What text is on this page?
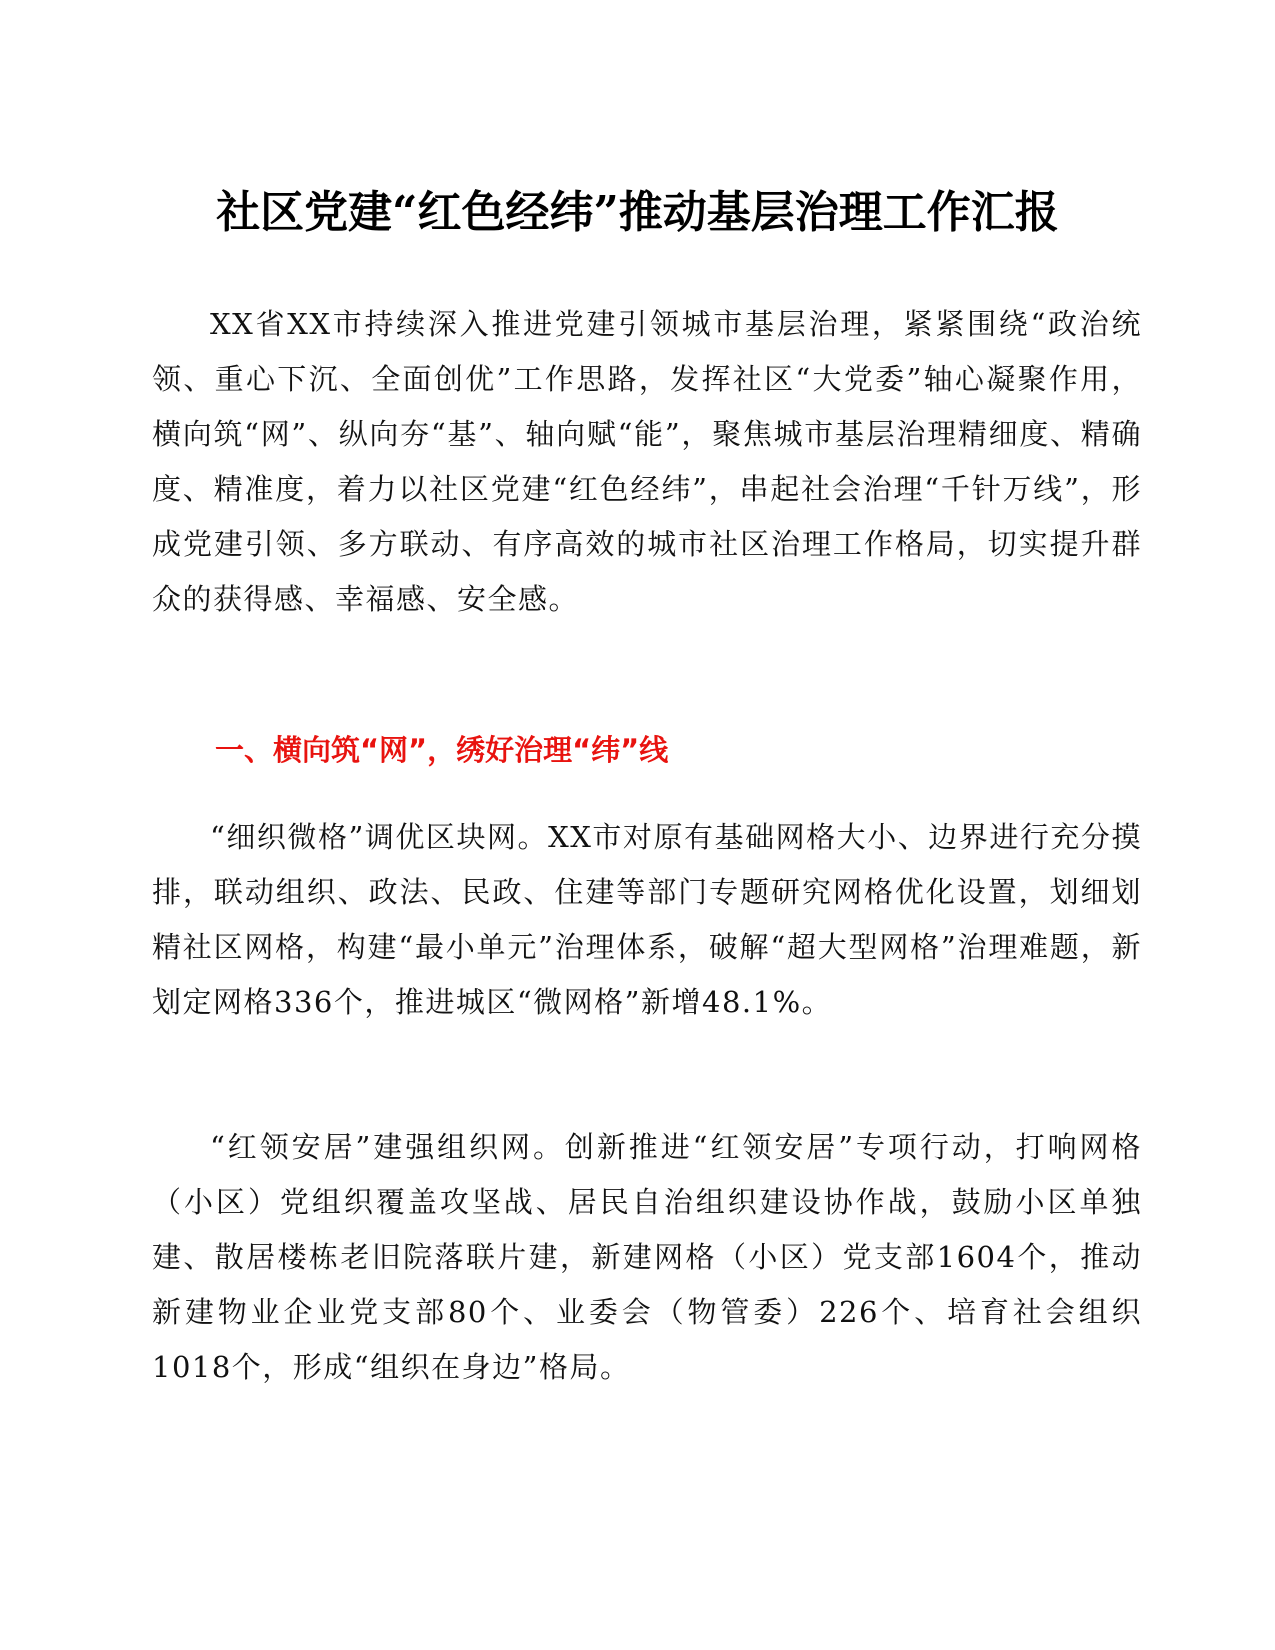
社区党建“红色经纬”推动基层治理工作汇报

XX省XX市持续深入推进党建引领城市基层治理，紧紧围绕“政治统领、重心下沉、全面创优”工作思路，发挥社区“大党委”轴心凝聚作用，横向筑“网”、纵向夯“基”、轴向赋“能”，聚焦城市基层治理精细度、精确度、精准度，着力以社区党建“红色经纬”，串起社会治理“千针万线”，形成党建引领、多方联动、有序高效的城市社区治理工作格局，切实提升群众的获得感、幸福感、安全感。

一、横向筑“网”，绣好治理“纬”线

“细织微格”调优区块网。XX市对原有基础网格大小、边界进行充分摸排，联动组织、政法、民政、住建等部门专题研究网格优化设置，划细划精社区网格，构建“最小单元”治理体系，破解“超大型网格”治理难题，新划定网格336个，推进城区“微网格”新增48.1%。

“红领安居”建强组织网。创新推进“红领安居”专项行动，打响网格（小区）党组织覆盖攻坚战、居民自治组织建设协作战，鼓励小区单独建、散居楼栋老旧院落联片建，新建网格（小区）党支部1604个，推动新建物业企业党支部80个、业委会（物管委）226个、培育社会组织1018个，形成“组织在身边”格局。
